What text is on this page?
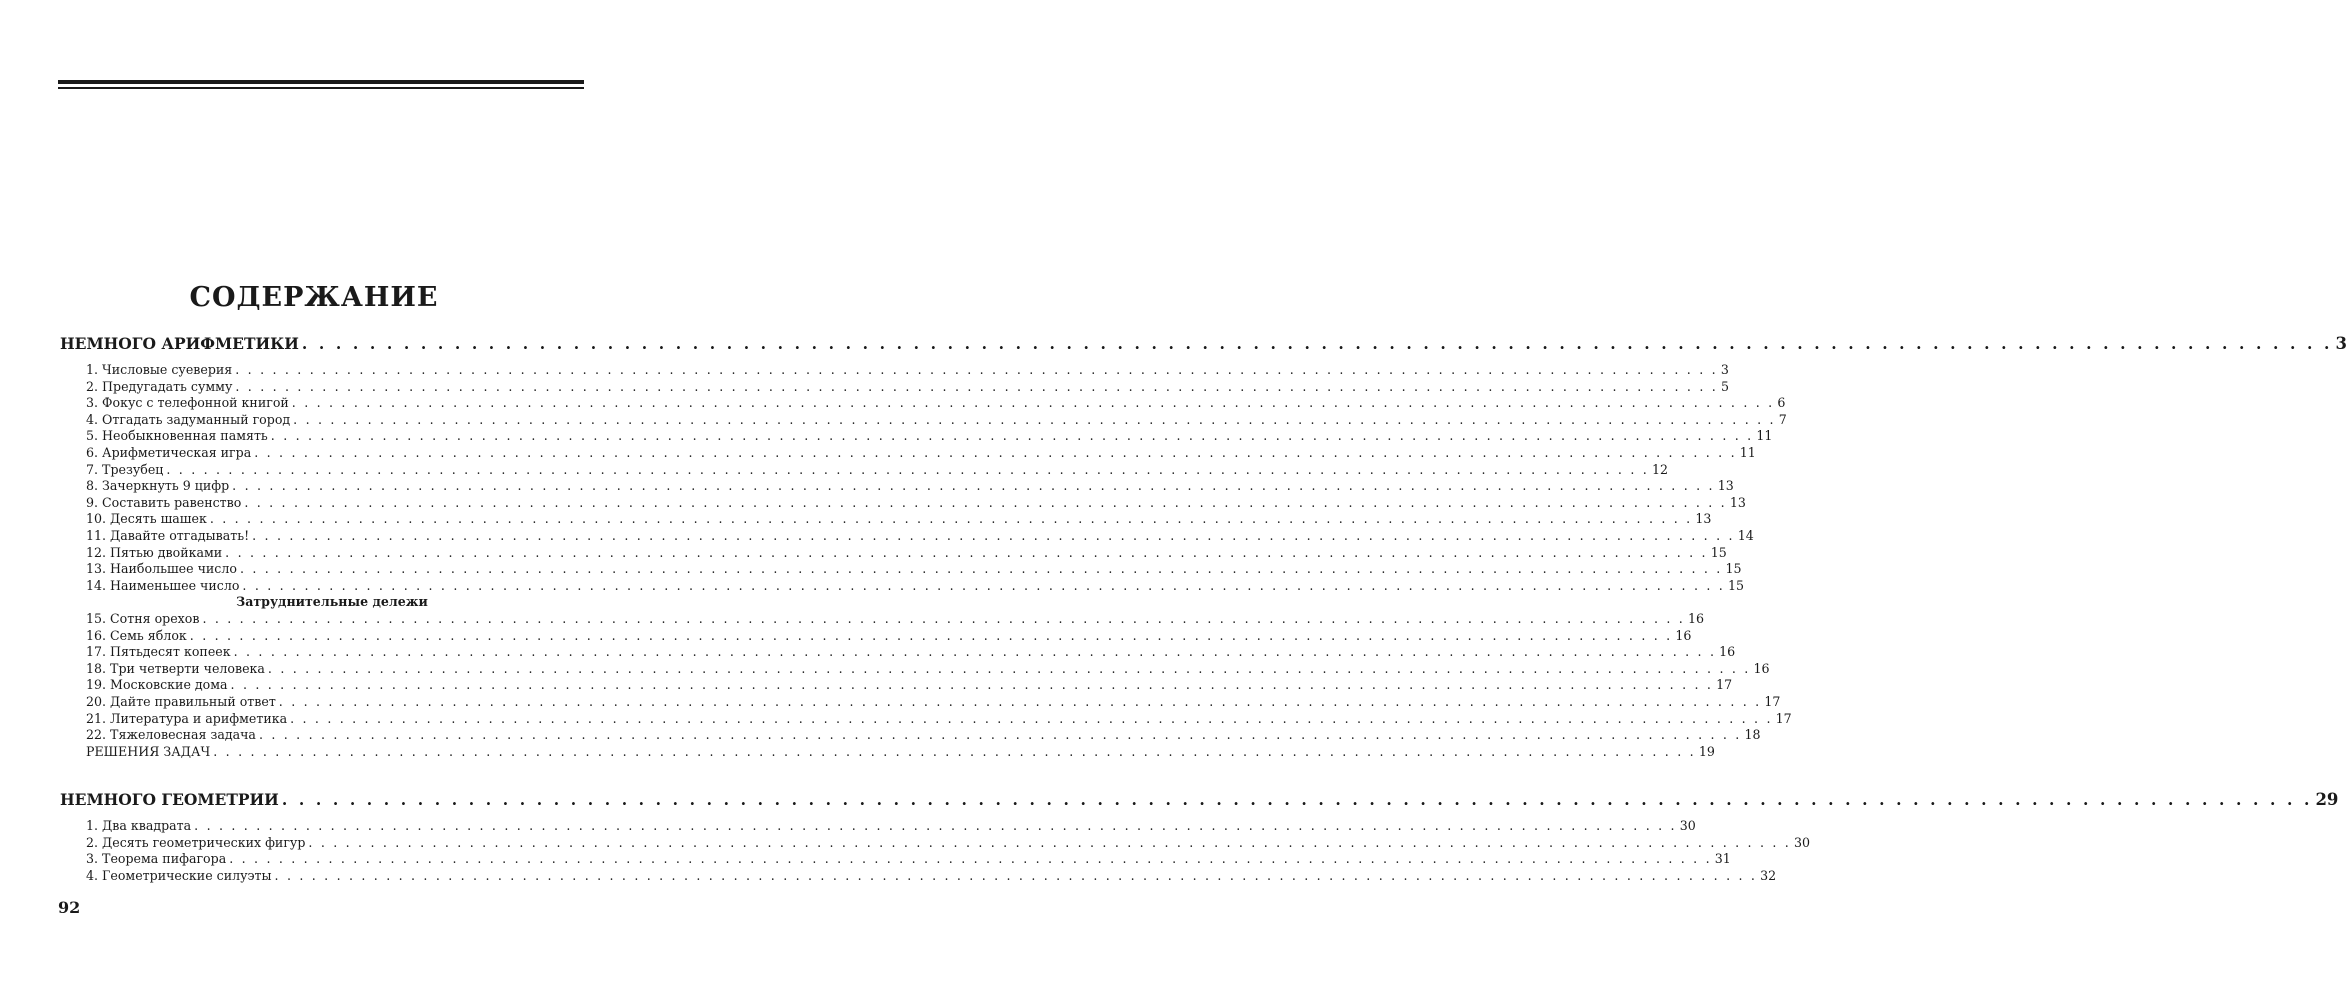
СОДЕРЖАНИЕ
НЕМНОГО АРИФМЕТИКИ . . . . . . . . . . . . . . . . . . . . . . . . . . . . . . . . . . . . . . . . . . . . . . . . . . . . . . . . . . . . . . . . . . . . . . . . . . . . . . . . . . . . . . . . . . . . . . . . . . . . . . . . . . . . . . . . . . . . . . . . 3
1. Числовые суеверия . . . . . . . . . . . . . . . . . . . . . . . . . . . . . . . . . . . . . . . . . . . . . . . . . . . . . . . . . . . . . . . . . . . . . . . . . . . . . . . . . . . . . . . . . . . . . . . . . . . . . . . . . . . . . . . . . . . . . . . . 3
2. Предугадать сумму . . . . . . . . . . . . . . . . . . . . . . . . . . . . . . . . . . . . . . . . . . . . . . . . . . . . . . . . . . . . . . . . . . . . . . . . . . . . . . . . . . . . . . . . . . . . . . . . . . . . . . . . . . . . . . . . . . . . . . . . 5
3. Фокус с телефонной книгой . . . . . . . . . . . . . . . . . . . . . . . . . . . . . . . . . . . . . . . . . . . . . . . . . . . . . . . . . . . . . . . . . . . . . . . . . . . . . . . . . . . . . . . . . . . . . . . . . . . . . . . . . . . . . . . . . . . . . . . . 6
4. Отгадать задуманный город . . . . . . . . . . . . . . . . . . . . . . . . . . . . . . . . . . . . . . . . . . . . . . . . . . . . . . . . . . . . . . . . . . . . . . . . . . . . . . . . . . . . . . . . . . . . . . . . . . . . . . . . . . . . . . . . . . . . . . . . 7
5. Необыкновенная память . . . . . . . . . . . . . . . . . . . . . . . . . . . . . . . . . . . . . . . . . . . . . . . . . . . . . . . . . . . . . . . . . . . . . . . . . . . . . . . . . . . . . . . . . . . . . . . . . . . . . . . . . . . . . . . . . . . . . . . . 11
6. Арифметическая игра . . . . . . . . . . . . . . . . . . . . . . . . . . . . . . . . . . . . . . . . . . . . . . . . . . . . . . . . . . . . . . . . . . . . . . . . . . . . . . . . . . . . . . . . . . . . . . . . . . . . . . . . . . . . . . . . . . . . . . . . 11
7. Трезубец . . . . . . . . . . . . . . . . . . . . . . . . . . . . . . . . . . . . . . . . . . . . . . . . . . . . . . . . . . . . . . . . . . . . . . . . . . . . . . . . . . . . . . . . . . . . . . . . . . . . . . . . . . . . . . . . . . . . . . . . 12
8. Зачеркнуть 9 цифр . . . . . . . . . . . . . . . . . . . . . . . . . . . . . . . . . . . . . . . . . . . . . . . . . . . . . . . . . . . . . . . . . . . . . . . . . . . . . . . . . . . . . . . . . . . . . . . . . . . . . . . . . . . . . . . . . . . . . . . . 13
9. Составить равенство . . . . . . . . . . . . . . . . . . . . . . . . . . . . . . . . . . . . . . . . . . . . . . . . . . . . . . . . . . . . . . . . . . . . . . . . . . . . . . . . . . . . . . . . . . . . . . . . . . . . . . . . . . . . . . . . . . . . . . . . 13
10. Десять шашек . . . . . . . . . . . . . . . . . . . . . . . . . . . . . . . . . . . . . . . . . . . . . . . . . . . . . . . . . . . . . . . . . . . . . . . . . . . . . . . . . . . . . . . . . . . . . . . . . . . . . . . . . . . . . . . . . . . . . . . . 13
11. Давайте отгадывать! . . . . . . . . . . . . . . . . . . . . . . . . . . . . . . . . . . . . . . . . . . . . . . . . . . . . . . . . . . . . . . . . . . . . . . . . . . . . . . . . . . . . . . . . . . . . . . . . . . . . . . . . . . . . . . . . . . . . . . . . 14
12. Пятью двойками . . . . . . . . . . . . . . . . . . . . . . . . . . . . . . . . . . . . . . . . . . . . . . . . . . . . . . . . . . . . . . . . . . . . . . . . . . . . . . . . . . . . . . . . . . . . . . . . . . . . . . . . . . . . . . . . . . . . . . . . 15
13. Наибольшее число . . . . . . . . . . . . . . . . . . . . . . . . . . . . . . . . . . . . . . . . . . . . . . . . . . . . . . . . . . . . . . . . . . . . . . . . . . . . . . . . . . . . . . . . . . . . . . . . . . . . . . . . . . . . . . . . . . . . . . . . 15
14. Наименьшее число . . . . . . . . . . . . . . . . . . . . . . . . . . . . . . . . . . . . . . . . . . . . . . . . . . . . . . . . . . . . . . . . . . . . . . . . . . . . . . . . . . . . . . . . . . . . . . . . . . . . . . . . . . . . . . . . . . . . . . . . 15
Затруднительные дележи
15. Сотня орехов . . . . . . . . . . . . . . . . . . . . . . . . . . . . . . . . . . . . . . . . . . . . . . . . . . . . . . . . . . . . . . . . . . . . . . . . . . . . . . . . . . . . . . . . . . . . . . . . . . . . . . . . . . . . . . . . . . . . . . . . 16
16. Семь яблок . . . . . . . . . . . . . . . . . . . . . . . . . . . . . . . . . . . . . . . . . . . . . . . . . . . . . . . . . . . . . . . . . . . . . . . . . . . . . . . . . . . . . . . . . . . . . . . . . . . . . . . . . . . . . . . . . . . . . . . . 16
17. Пятьдесят копеек . . . . . . . . . . . . . . . . . . . . . . . . . . . . . . . . . . . . . . . . . . . . . . . . . . . . . . . . . . . . . . . . . . . . . . . . . . . . . . . . . . . . . . . . . . . . . . . . . . . . . . . . . . . . . . . . . . . . . . . . 16
18. Три четверти человека . . . . . . . . . . . . . . . . . . . . . . . . . . . . . . . . . . . . . . . . . . . . . . . . . . . . . . . . . . . . . . . . . . . . . . . . . . . . . . . . . . . . . . . . . . . . . . . . . . . . . . . . . . . . . . . . . . . . . . . . 16
19. Московские дома . . . . . . . . . . . . . . . . . . . . . . . . . . . . . . . . . . . . . . . . . . . . . . . . . . . . . . . . . . . . . . . . . . . . . . . . . . . . . . . . . . . . . . . . . . . . . . . . . . . . . . . . . . . . . . . . . . . . . . . . 17
20. Дайте правильный ответ . . . . . . . . . . . . . . . . . . . . . . . . . . . . . . . . . . . . . . . . . . . . . . . . . . . . . . . . . . . . . . . . . . . . . . . . . . . . . . . . . . . . . . . . . . . . . . . . . . . . . . . . . . . . . . . . . . . . . . . . 17
21. Литература и арифметика . . . . . . . . . . . . . . . . . . . . . . . . . . . . . . . . . . . . . . . . . . . . . . . . . . . . . . . . . . . . . . . . . . . . . . . . . . . . . . . . . . . . . . . . . . . . . . . . . . . . . . . . . . . . . . . . . . . . . . . . 17
22. Тяжеловесная задача . . . . . . . . . . . . . . . . . . . . . . . . . . . . . . . . . . . . . . . . . . . . . . . . . . . . . . . . . . . . . . . . . . . . . . . . . . . . . . . . . . . . . . . . . . . . . . . . . . . . . . . . . . . . . . . . . . . . . . . . 18
РЕШЕНИЯ ЗАДАЧ . . . . . . . . . . . . . . . . . . . . . . . . . . . . . . . . . . . . . . . . . . . . . . . . . . . . . . . . . . . . . . . . . . . . . . . . . . . . . . . . . . . . . . . . . . . . . . . . . . . . . . . . . . . . . . . . . . . . . . . . 19
НЕМНОГО ГЕОМЕТРИИ . . . . . . . . . . . . . . . . . . . . . . . . . . . . . . . . . . . . . . . . . . . . . . . . . . . . . . . . . . . . . . . . . . . . . . . . . . . . . . . . . . . . . . . . . . . . . . . . . . . . . . . . . . . . . . . . . . . . . . . . 29
1. Два квадрата . . . . . . . . . . . . . . . . . . . . . . . . . . . . . . . . . . . . . . . . . . . . . . . . . . . . . . . . . . . . . . . . . . . . . . . . . . . . . . . . . . . . . . . . . . . . . . . . . . . . . . . . . . . . . . . . . . . . . . . . 30
2. Десять геометрических фигур . . . . . . . . . . . . . . . . . . . . . . . . . . . . . . . . . . . . . . . . . . . . . . . . . . . . . . . . . . . . . . . . . . . . . . . . . . . . . . . . . . . . . . . . . . . . . . . . . . . . . . . . . . . . . . . . . . . . . . . . 30
3. Теорема пифагора . . . . . . . . . . . . . . . . . . . . . . . . . . . . . . . . . . . . . . . . . . . . . . . . . . . . . . . . . . . . . . . . . . . . . . . . . . . . . . . . . . . . . . . . . . . . . . . . . . . . . . . . . . . . . . . . . . . . . . . . 31
4. Геометрические силуэты . . . . . . . . . . . . . . . . . . . . . . . . . . . . . . . . . . . . . . . . . . . . . . . . . . . . . . . . . . . . . . . . . . . . . . . . . . . . . . . . . . . . . . . . . . . . . . . . . . . . . . . . . . . . . . . . . . . . . . . . 32
92
